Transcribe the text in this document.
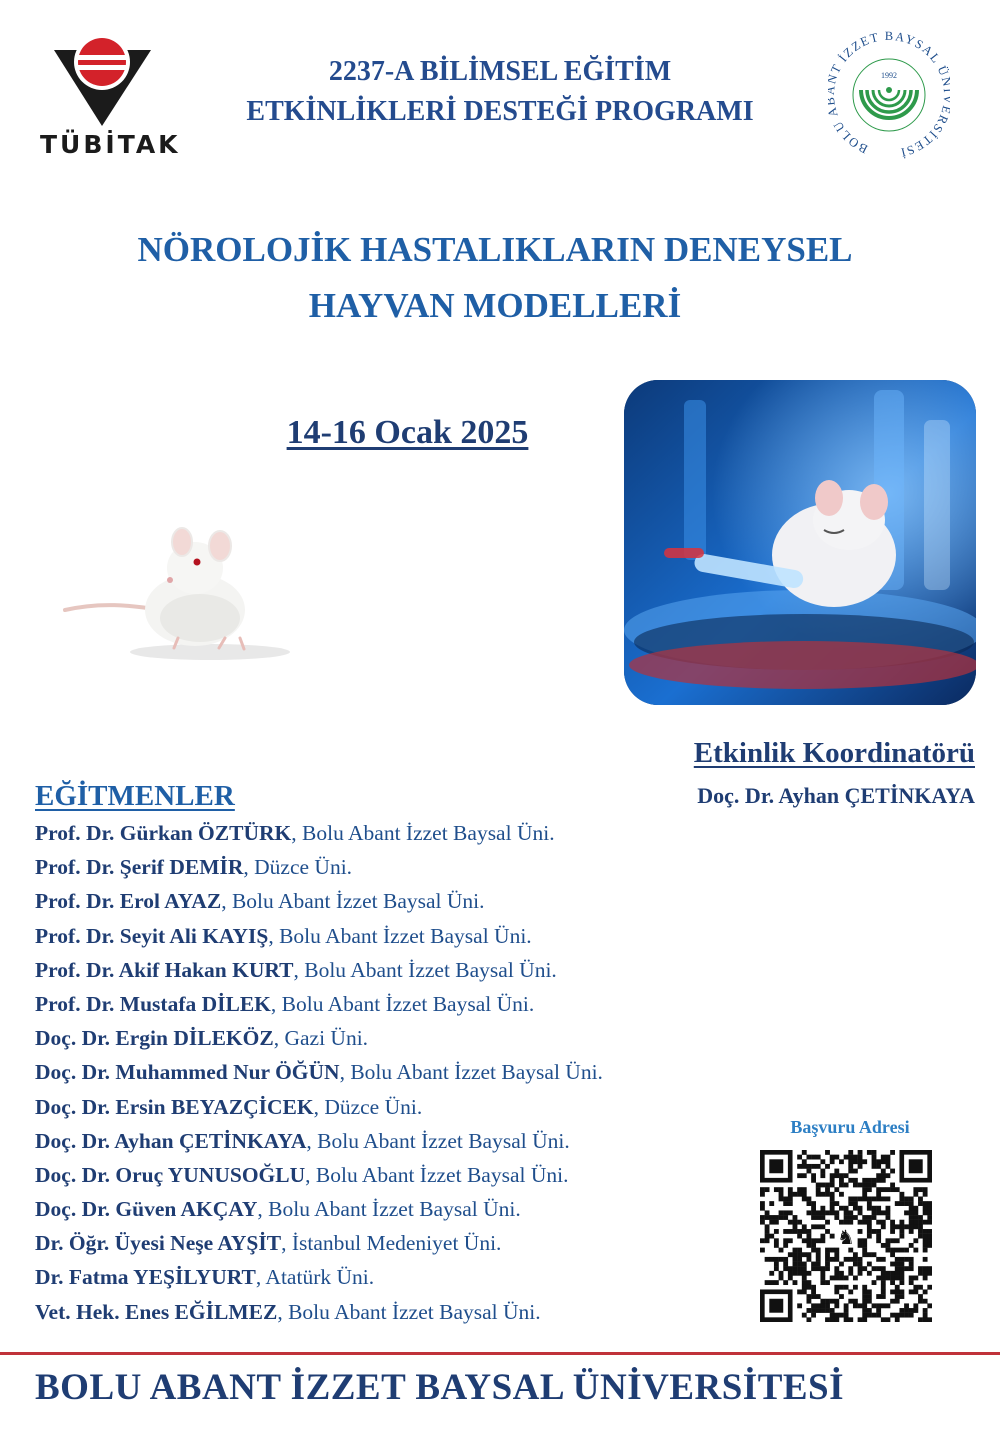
TÜBİTAK
2237-A BİLİMSEL EĞİTİM
ETKİNLİKLERİ DESTEĞİ PROGRAMI
BOLU T İZZET BAYSAL Ü RSİTESİ
1992
NÖROLOJİK HASTALIKLARIN DENEYSEL
HAYVAN MODELLERİ
14-16 Ocak 2025
Etkinlik Koordinatörü
Doç. Dr. Ayhan ÇETİNKAYA
EĞİTMENLER
Prof. Dr. Gürkan ÖZTÜRK, Bolu Abant İzzet Baysal Üni.
Prof. Dr. Şerif DEMİR, Düzce Üni.
Prof. Dr. Erol AYAZ, Bolu Abant İzzet Baysal Üni.
Prof. Dr. Seyit Ali KAYIŞ, Bolu Abant İzzet Baysal Üni.
Prof. Dr. Akif Hakan KURT, Bolu Abant İzzet Baysal Üni.
Prof. Dr. Mustafa DİLEK, Bolu Abant İzzet Baysal Üni.
Doç. Dr. Ergin DİLEKÖZ, Gazi Üni.
Doç. Dr. Muhammed Nur ÖĞÜN, Bolu Abant İzzet Baysal Üni.
Doç. Dr. Ersin BEYAZÇİCEK, Düzce Üni.
Doç. Dr. Ayhan ÇETİNKAYA, Bolu Abant İzzet Baysal Üni.
Doç. Dr. Oruç YUNUSOĞLU, Bolu Abant İzzet Baysal Üni.
Doç. Dr. Güven AKÇAY, Bolu Abant İzzet Baysal Üni.
Dr. Öğr. Üyesi Neşe AYŞİT, İstanbul Medeniyet Üni.
Dr. Fatma YEŞİLYURT, Atatürk Üni.
Vet. Hek. Enes EĞİLMEZ, Bolu Abant İzzet Baysal Üni.
Başvuru Adresi
♞
BOLU ABANT İZZET BAYSAL ÜNİVERSİTESİ
